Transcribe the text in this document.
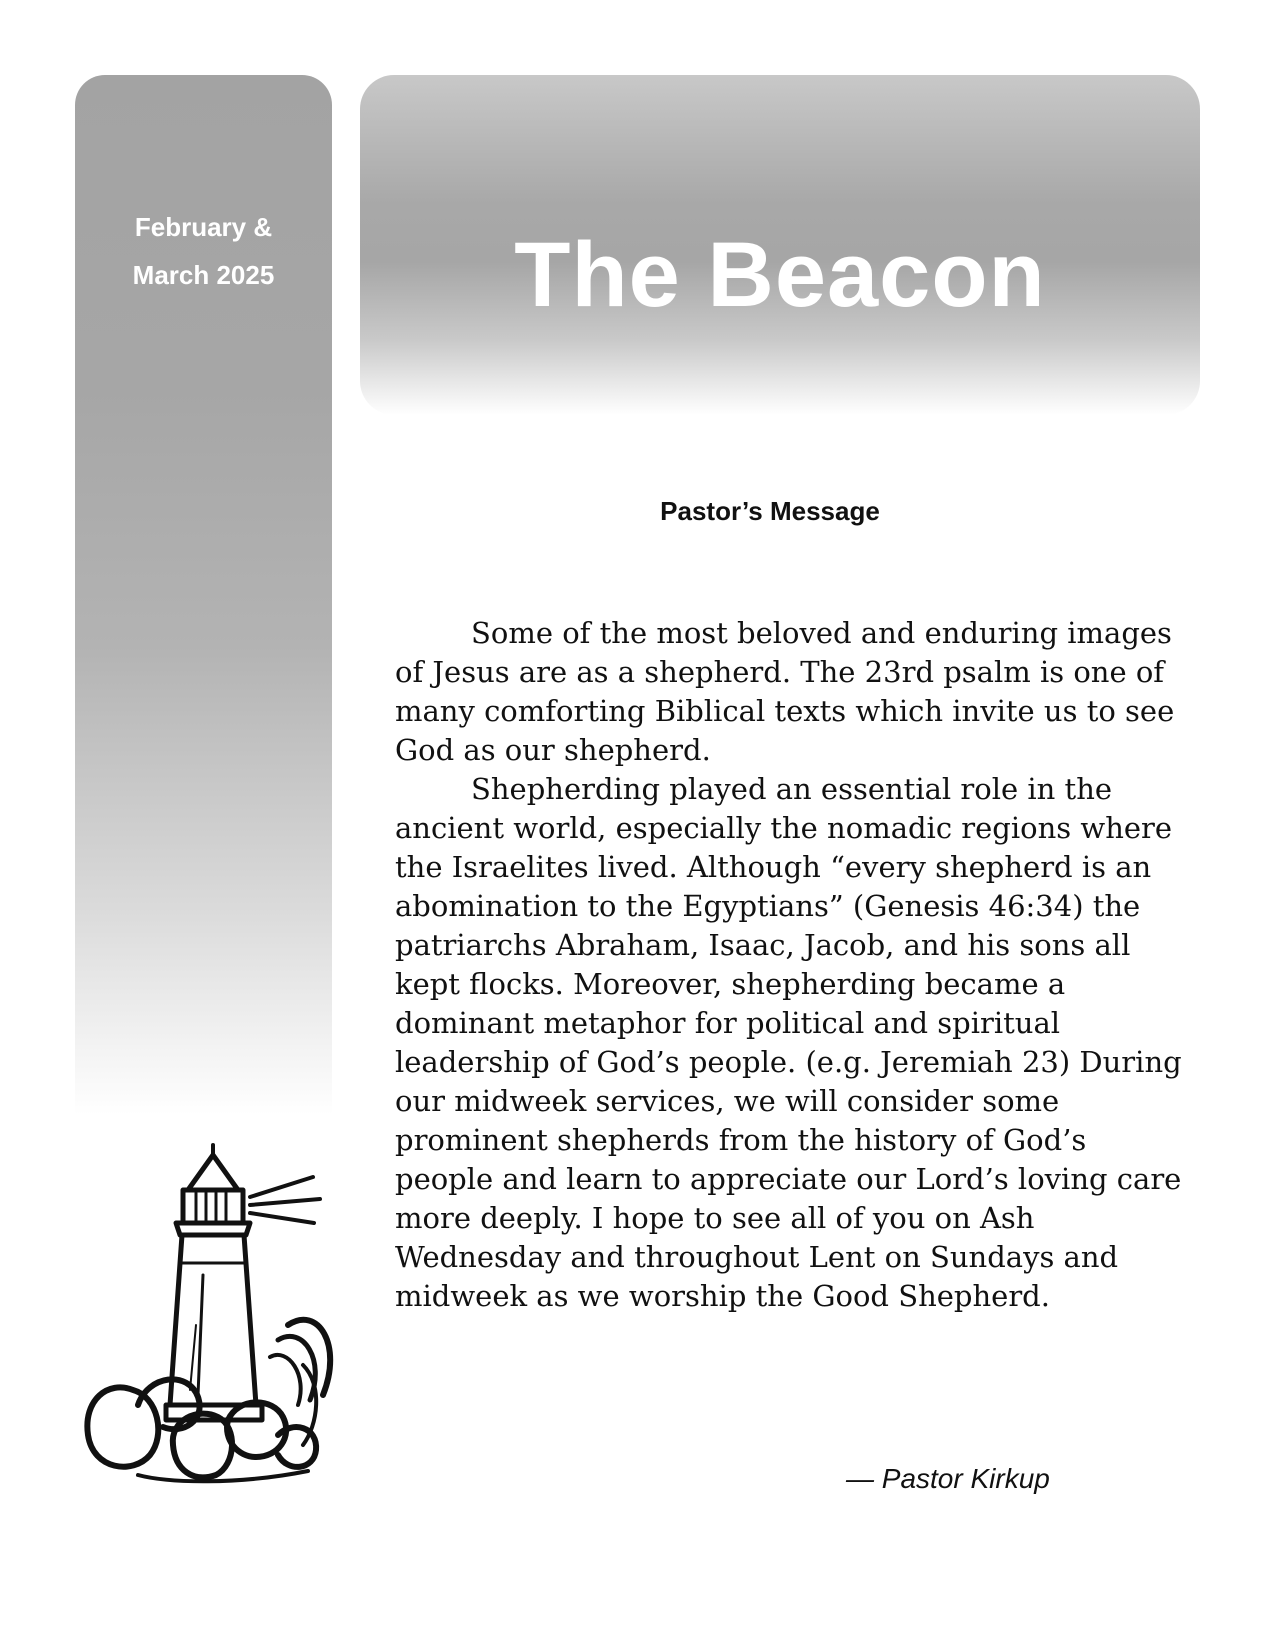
February &
March 2025	The Beacon
Pastor’s Message

Some of the most beloved and enduring images of Jesus are as a shepherd. The 23rd psalm is one of many comforting Biblical texts which invite us to see God as our shepherd.

Shepherding played an essential role in the ancient world, especially the nomadic regions where the Israelites lived. Although “every shepherd is an abomination to the Egyptians” (Genesis 46:34) the patriarchs Abraham, Isaac, Jacob, and his sons all kept flocks. Moreover, shepherding became a dominant metaphor for political and spiritual leadership of God’s people. (e.g. Jeremiah 23) During our midweek services, we will consider some prominent shepherds from the history of God’s people and learn to appreciate our Lord’s loving care more deeply. I hope to see all of you on Ash Wednesday and throughout Lent on Sundays and midweek as we worship the Good Shepherd.

— Pastor Kirkup
